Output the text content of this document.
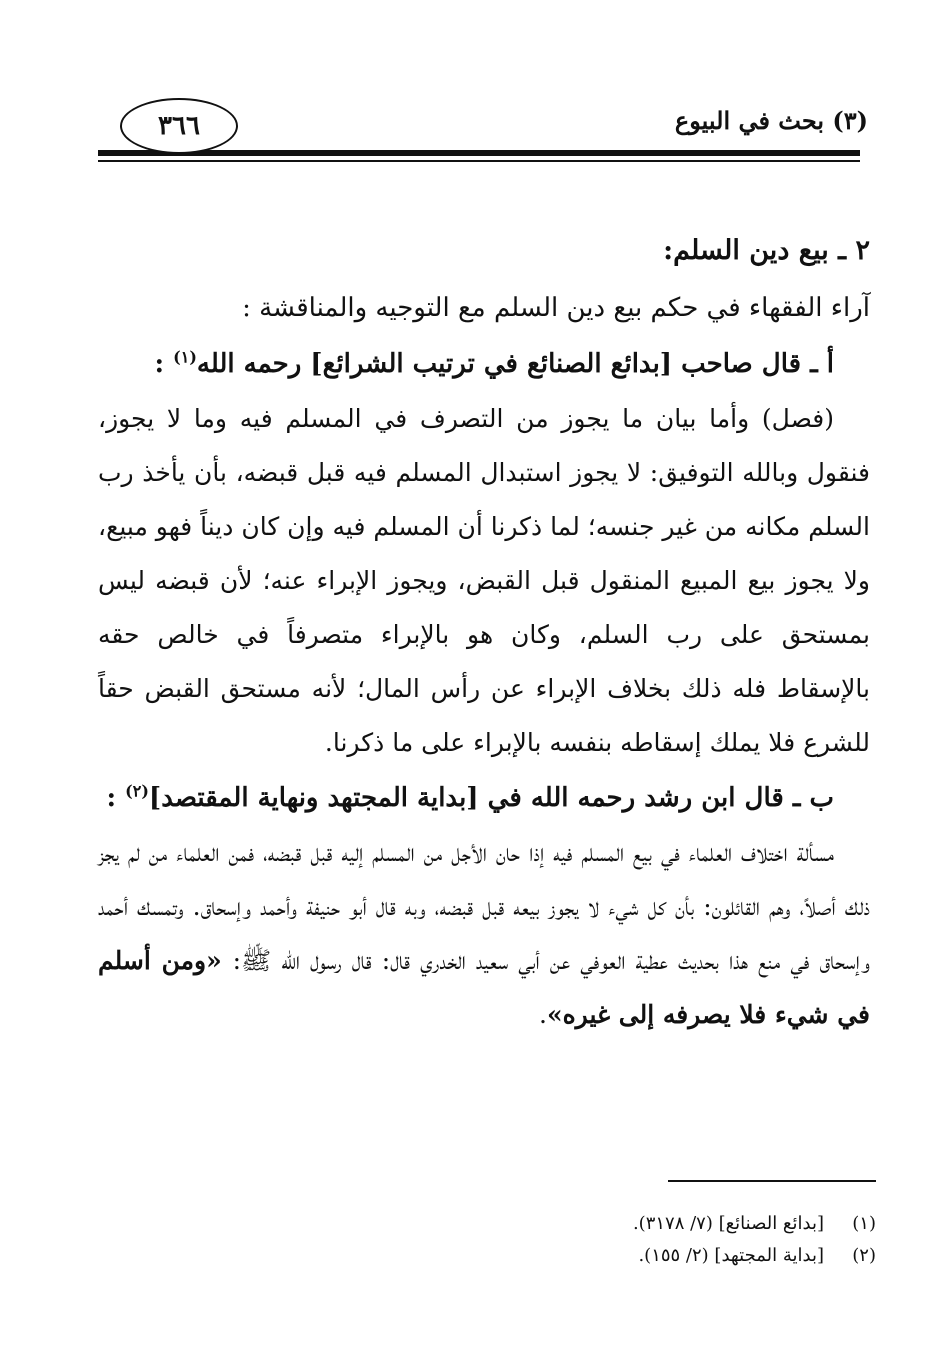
٣٦٦	(٣) بحث في البيوع

٢ ـ بيع دين السلم:

آراء الفقهاء في حكم بيع دين السلم مع التوجيه والمناقشة :

أ ـ قال صاحب [بدائع الصنائع في ترتيب الشرائع] رحمه الله$^{(١)}$ :

(فصل) وأما بيان ما يجوز من التصرف في المسلم فيه وما لا يجوز، فنقول وبالله التوفيق: لا يجوز استبدال المسلم فيه قبل قبضه، بأن يأخذ رب السلم مكانه من غير جنسه؛ لما ذكرنا أن المسلم فيه وإن كان ديناً فهو مبيع، ولا يجوز بيع المبيع المنقول قبل القبض، ويجوز الإبراء عنه؛ لأن قبضه ليس بمستحق على رب السلم، وكان هو بالإبراء متصرفاً في خالص حقه بالإسقاط فله ذلك بخلاف الإبراء عن رأس المال؛ لأنه مستحق القبض حقاً للشرع فلا يملك إسقاطه بنفسه بالإبراء على ما ذكرنا.

ب ـ قال ابن رشد رحمه الله في [بداية المجتهد ونهاية المقتصد]$^{(٢)}$ :

مسألة اختلاف العلماء في بيع المسلم فيه إذا حان الأجل من المسلم إليه قبل قبضه، فمن العلماء من لم يجز ذلك أصلاً، وهم القائلون: بأن كل شيء لا يجوز بيعه قبل قبضه، وبه قال أبو حنيفة وأحمد وإسحاق. وتمسك أحمد وإسحاق في منع هذا بحديث عطية العوفي عن أبي سعيد الخدري قال: قال رسول الله ﷺ: «ومن أسلم في شيء فلا يصرفه إلى غيره».

(١)[بدائع الصنائع] (٧/ ٣١٧٨).

(٢)[بداية المجتهد] (٢/ ١٥٥).
